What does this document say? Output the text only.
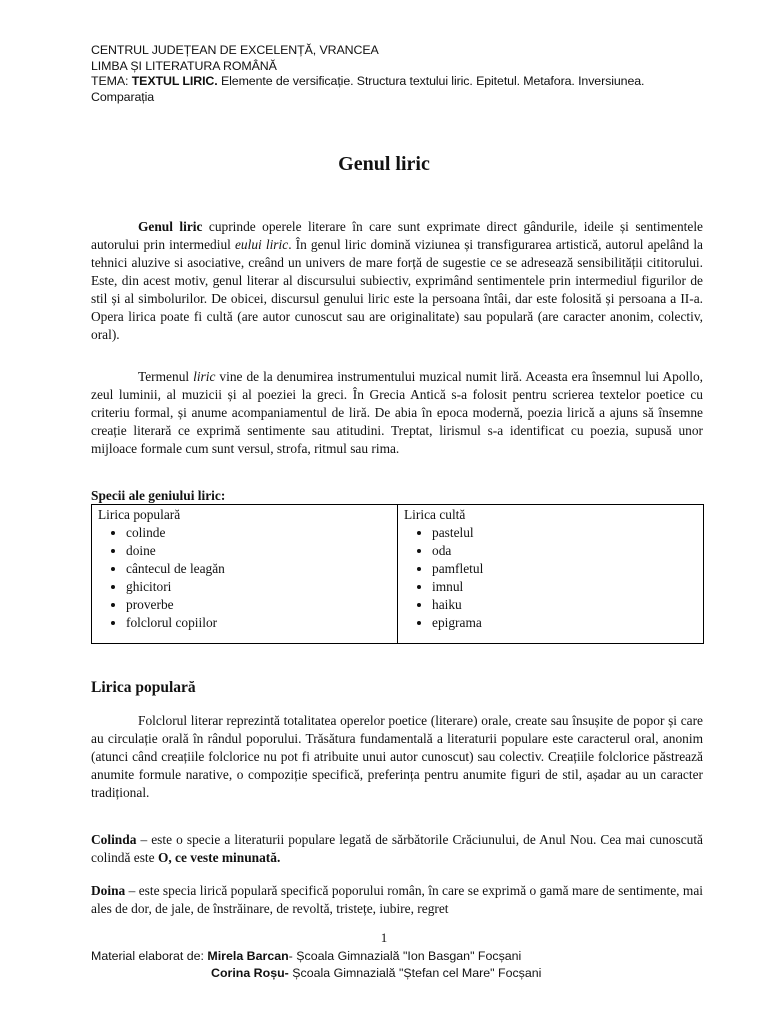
CENTRUL JUDEȚEAN DE EXCELENȚĂ, VRANCEA
LIMBA ȘI LITERATURA ROMÂNĂ
TEMA: TEXTUL LIRIC. Elemente de versificație. Structura textului liric. Epitetul. Metafora. Inversiunea. Comparația
Genul liric

Genul liric cuprinde operele literare în care sunt exprimate direct gândurile, ideile și sentimentele autorului prin intermediul eului liric. În genul liric domină viziunea și transfigurarea artistică, autorul apelând la tehnici aluzive si asociative, creând un univers de mare forță de sugestie ce se adresează sensibilității cititorului. Este, din acest motiv, genul literar al discursului subiectiv, exprimând sentimentele prin intermediul figurilor de stil și al simbolurilor. De obicei, discursul genului liric este la persoana întâi, dar este folosită și persoana a II-a. Opera lirica poate fi cultă (are autor cunoscut sau are originalitate) sau populară (are caracter anonim, colectiv, oral).

Termenul liric vine de la denumirea instrumentului muzical numit liră. Aceasta era însemnul lui Apollo, zeul luminii, al muzicii și al poeziei la greci. În Grecia Antică s-a folosit pentru scrierea textelor poetice cu criteriu formal, și anume acompaniamentul de liră. De abia în epoca modernă, poezia lirică a ajuns să însemne creație literară ce exprimă sentimente sau atitudini. Treptat, lirismul s-a identificat cu poezia, supusă unor mijloace formale cum sunt versul, strofa, ritmul sau rima.

Specii ale geniului liric:

Lirica populară
• colinde
• doine
• cântecul de leagăn
• ghicitori
• proverbe
• folclorul copiilor

Lirica cultă
• pastelul
• oda
• pamfletul
• imnul
• haiku
• epigrama
Lirica populară

Folclorul literar reprezintă totalitatea operelor poetice (literare) orale, create sau însușite de popor și care au circulație orală în rândul poporului. Trăsătura fundamentală a literaturii populare este caracterul oral, anonim (atunci când creațiile folclorice nu pot fi atribuite unui autor cunoscut) sau colectiv. Creațiile folclorice păstrează anumite formule narative, o compoziție specifică, preferința pentru anumite figuri de stil, așadar au un caracter tradițional.

Colinda – este o specie a literaturii populare legată de sărbătorile Crăciunului, de Anul Nou. Cea mai cunoscută colindă este O, ce veste minunată.

Doina – este specia lirică populară specifică poporului român, în care se exprimă o gamă mare de sentimente, mai ales de dor, de jale, de înstrăinare, de revoltă, tristețe, iubire, regret

1
Material elaborat de: Mirela Barcan- Școala Gimnazială "Ion Basgan" Focșani
Corina Roșu- Școala Gimnazială "Ștefan cel Mare" Focșani
